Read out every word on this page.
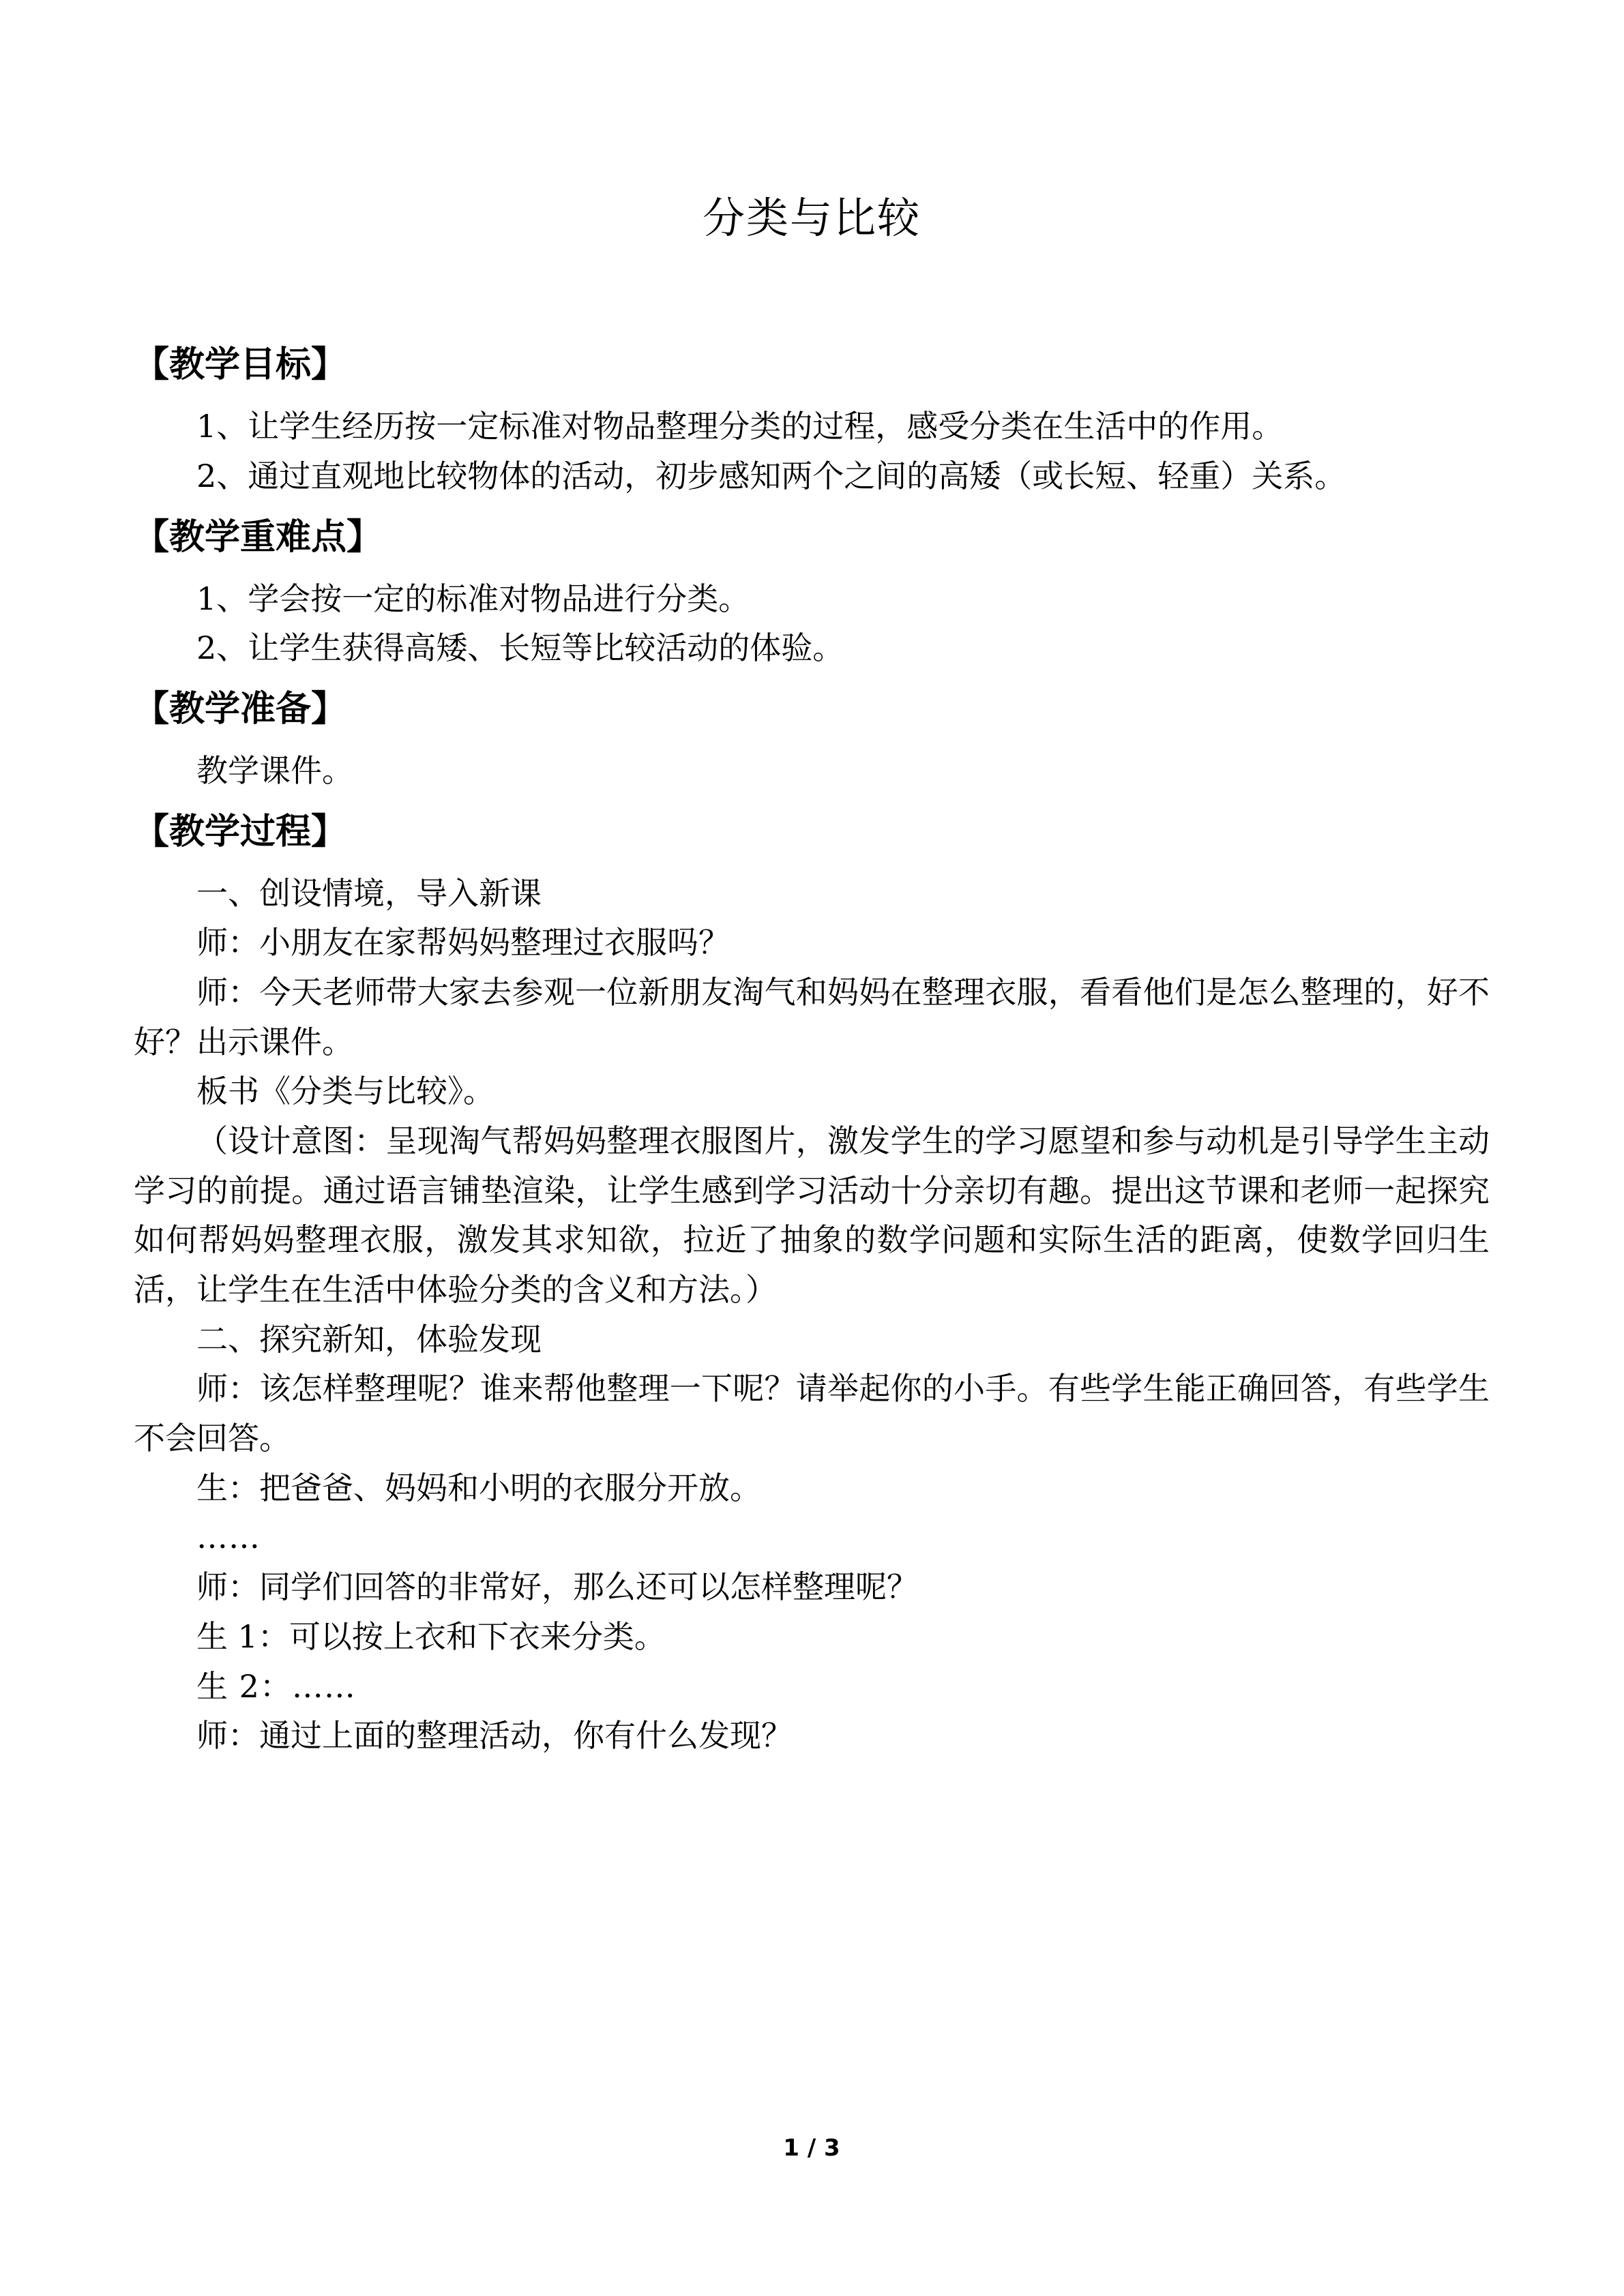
分类与比较

【教学目标】

1、让学生经历按一定标准对物品整理分类的过程，感受分类在生活中的作用。

2、通过直观地比较物体的活动，初步感知两个之间的高矮（或长短、轻重）关系。

【教学重难点】

1、学会按一定的标准对物品进行分类。

2、让学生获得高矮、长短等比较活动的体验。

【教学准备】

教学课件。

【教学过程】

一、创设情境，导入新课

师：小朋友在家帮妈妈整理过衣服吗？

师：今天老师带大家去参观一位新朋友淘气和妈妈在整理衣服，看看他们是怎么整理的，好不好？出示课件。

板书《分类与比较》。

（设计意图：呈现淘气帮妈妈整理衣服图片，激发学生的学习愿望和参与动机是引导学生主动学习的前提。通过语言铺垫渲染，让学生感到学习活动十分亲切有趣。提出这节课和老师一起探究如何帮妈妈整理衣服，激发其求知欲，拉近了抽象的数学问题和实际生活的距离，使数学回归生活，让学生在生活中体验分类的含义和方法。）

二、探究新知，体验发现

师：该怎样整理呢？谁来帮他整理一下呢？请举起你的小手。有些学生能正确回答，有些学生不会回答。

生：把爸爸、妈妈和小明的衣服分开放。

……

师：同学们回答的非常好，那么还可以怎样整理呢？

生 1：可以按上衣和下衣来分类。

生 2：……

师：通过上面的整理活动，你有什么发现？

1 / 3
